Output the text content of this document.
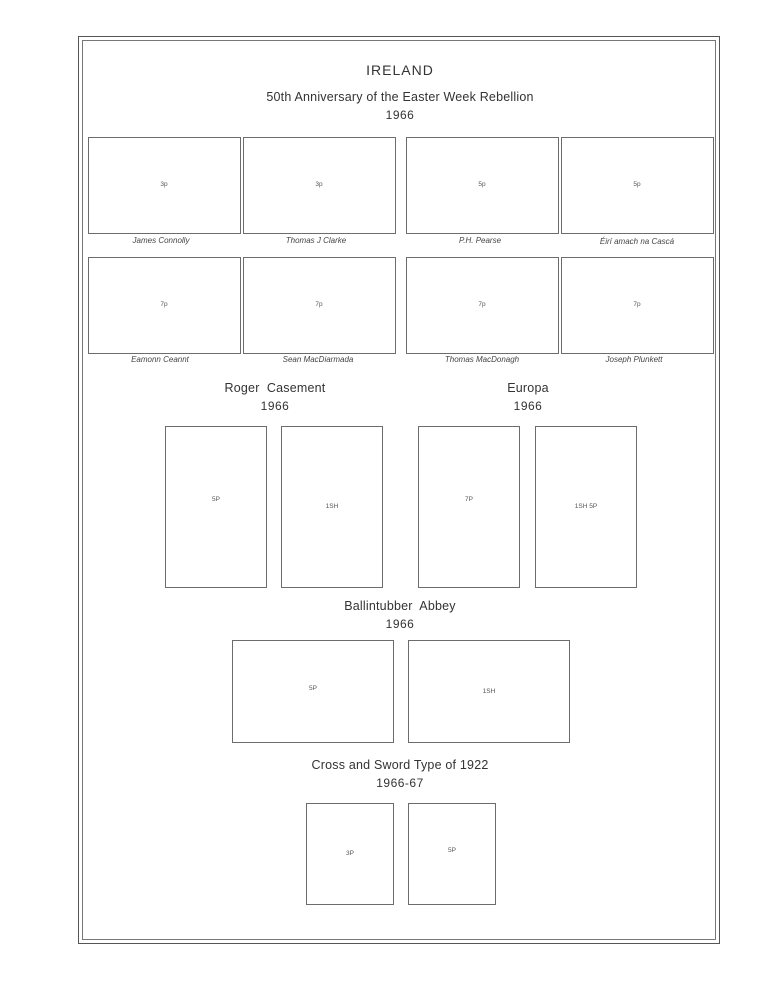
IRELAND
50th Anniversary of the Easter Week Rebellion
1966
3p	3p	5p	5p
James Connolly	Thomas J Clarke	P.H. Pearse	Éirí amach na Cascá
7p	7p	7p	7p
Eamonn Ceannt	Sean MacDiarmada	Thomas MacDonagh	Joseph Plunkett
Roger  Casement
1966
5P
1SH
Europa
1966
7P
1SH 5P
Ballintubber  Abbey
1966
5P	1SH
Cross and Sword Type of 1922
1966-67
3P	5P
